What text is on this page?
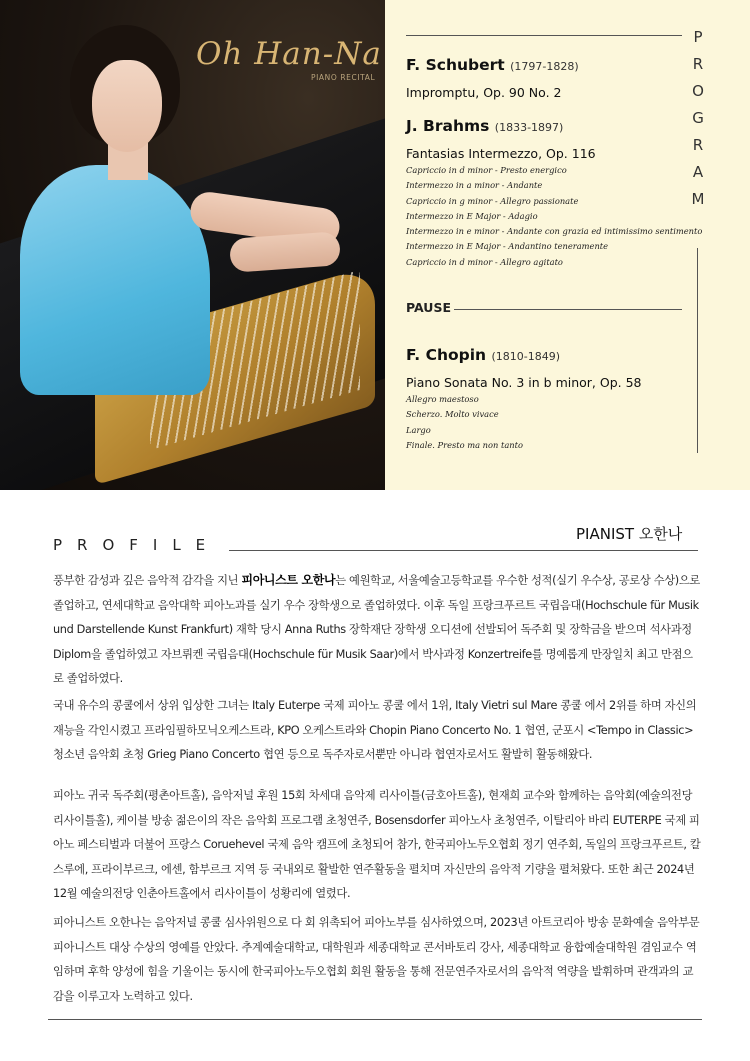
Oh Han-Na
PIANO RECITAL
P
R
O
G
R
A
M
F. Schubert (1797-1828)
Impromptu, Op. 90 No. 2
J. Brahms (1833-1897)
Fantasias Intermezzo, Op. 116
Capriccio in d minor - Presto energico
Intermezzo in a minor - Andante
Capriccio in g minor - Allegro passionate
Intermezzo in E Major - Adagio
Intermezzo in e minor - Andante con grazia ed intimissimo sentimento
Intermezzo in E Major - Andantino teneramente
Capriccio in d minor - Allegro agitato
PAUSE
F. Chopin (1810-1849)
Piano Sonata No. 3 in b minor, Op. 58
Allegro maestoso
Scherzo. Molto vivace
Largo
Finale. Presto ma non tanto
PIANIST 오한나
PROFILE

풍부한 감성과 깊은 음악적 감각을 지닌 피아니스트 오한나는 예원학교, 서울예술고등학교를 우수한 성적(실기 우수상, 공로상 수상)으로 졸업하고, 연세대학교 음악대학 피아노과를 실기 우수 장학생으로 졸업하였다. 이후 독일 프랑크푸르트 국립음대(Hochschule für Musik und Darstellende Kunst Frankfurt) 재학 당시 Anna Ruths 장학재단 장학생 오디션에 선발되어 독주회 및 장학금을 받으며 석사과정 Diplom을 졸업하였고 자브뤼켄 국립음대(Hochschule für Musik Saar)에서 박사과정 Konzertreife를 명예롭게 만장일치 최고 만점으로 졸업하였다.

국내 유수의 콩쿨에서 상위 입상한 그녀는 Italy Euterpe 국제 피아노 콩쿨 에서 1위, Italy Vietri sul Mare 콩쿨 에서 2위를 하며 자신의 재능을 각인시켰고 프라임필하모닉오케스트라, KPO 오케스트라와 Chopin Piano Concerto No. 1 협연, 군포시 <Tempo in Classic> 청소년 음악회 초청 Grieg Piano Concerto 협연 등으로 독주자로서뿐만 아니라 협연자로서도 활발히 활동해왔다.

피아노 귀국 독주회(평촌아트홀), 음악저널 후원 15회 차세대 음악제 리사이틀(금호아트홀), 현재희 교수와 함께하는 음악회(예술의전당 리사이틀홀), 케이블 방송 젊은이의 작은 음악회 프로그램 초청연주, Bosensdorfer 피아노사 초청연주, 이탈리아 바리 EUTERPE 국제 피아노 페스티벌과 더불어 프랑스 Coruehevel 국제 음악 캠프에 초청되어 참가, 한국피아노두오협회 정기 연주회, 독일의 프랑크푸르트, 칼스루에, 프라이부르크, 에센, 함부르크 지역 등 국내외로 활발한 연주활동을 펼치며 자신만의 음악적 기량을 펼쳐왔다. 또한 최근 2024년 12월 예술의전당 인춘아트홀에서 리사이틀이 성황리에 열렸다.

피아니스트 오한나는 음악저널 콩쿨 심사위원으로 다 회 위촉되어 피아노부를 심사하였으며, 2023년 아트코리아 방송 문화예술 음악부문 피아니스트 대상 수상의 영예를 안았다. 추계예술대학교, 대학원과 세종대학교 콘서바토리 강사, 세종대학교 융합예술대학원 겸임교수 역임하며 후학 양성에 힘을 기울이는 동시에 한국피아노두오협회 회원 활동을 통해 전문연주자로서의 음악적 역량을 발휘하며 관객과의 교감을 이루고자 노력하고 있다.
